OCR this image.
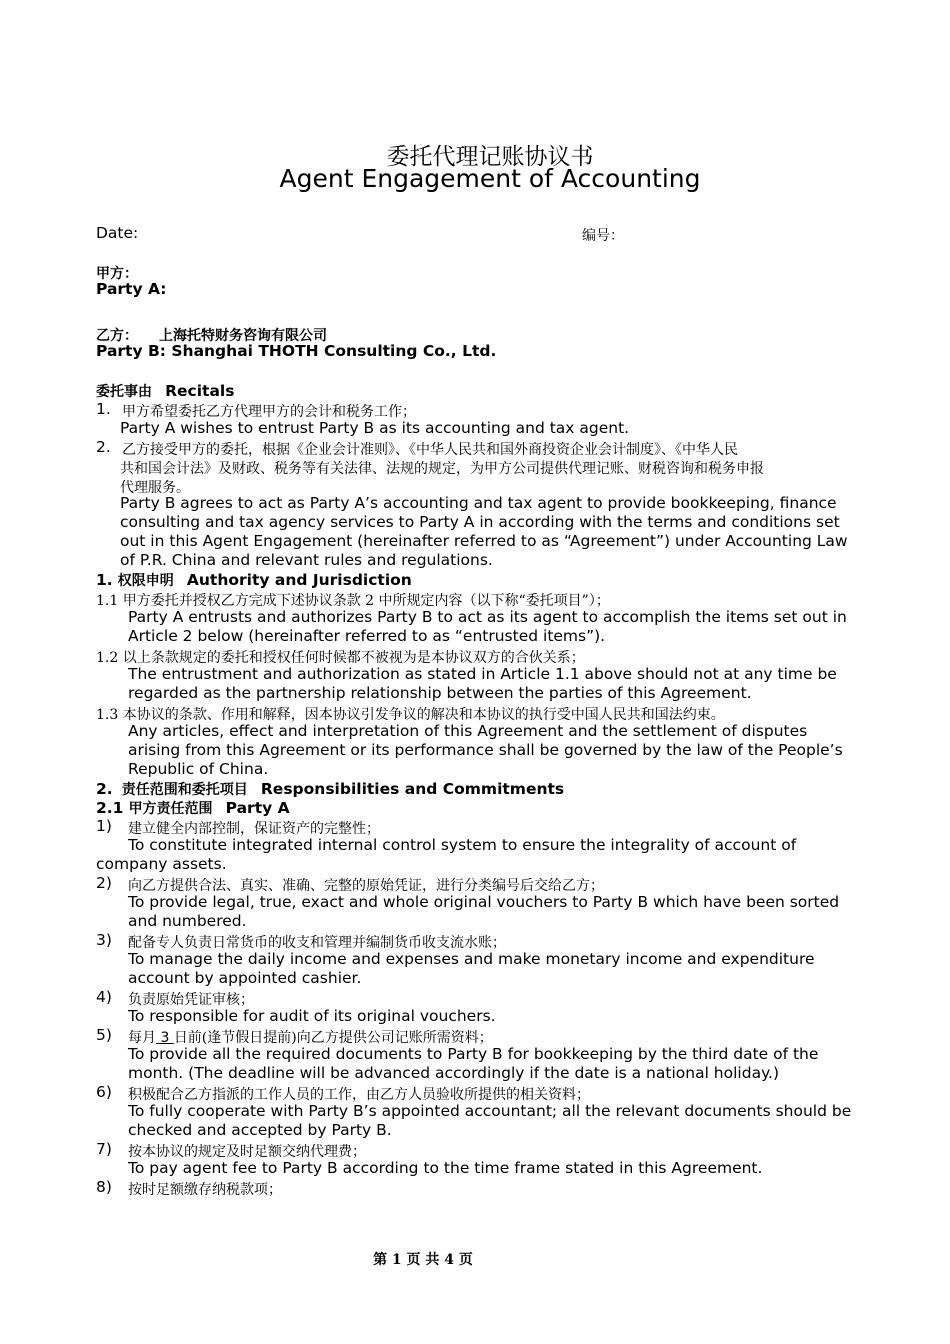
委托代理记账协议书
Agent Engagement of Accounting
Date:	编号：
甲方：
Party A:
乙方：　　上海托特财务咨询有限公司
Party B: Shanghai THOTH Consulting Co., Ltd.
委托事由 Recitals
1. 甲方希望委托乙方代理甲方的会计和税务工作；
Party A wishes to entrust Party B as its accounting and tax agent.
2. 乙方接受甲方的委托，根据《企业会计准则》、《中华人民共和国外商投资企业会计制度》、《中华人民
共和国会计法》及财政、税务等有关法律、法规的规定，为甲方公司提供代理记账、财税咨询和税务申报
代理服务。
Party B agrees to act as Party A’s accounting and tax agent to provide bookkeeping, finance
consulting and tax agency services to Party A in according with the terms and conditions set
out in this Agent Engagement (hereinafter referred to as “Agreement”) under Accounting Law
of P.R. China and relevant rules and regulations.
1. 权限申明 Authority and Jurisdiction
1.1 甲方委托并授权乙方完成下述协议条款 2 中所规定内容（以下称“委托项目”）；
Party A entrusts and authorizes Party B to act as its agent to accomplish the items set out in
Article 2 below (hereinafter referred to as “entrusted items”).
1.2 以上条款规定的委托和授权任何时候都不被视为是本协议双方的合伙关系；
The entrustment and authorization as stated in Article 1.1 above should not at any time be
regarded as the partnership relationship between the parties of this Agreement.
1.3 本协议的条款、作用和解释，因本协议引发争议的解决和本协议的执行受中国人民共和国法约束。
Any articles, effect and interpretation of this Agreement and the settlement of disputes
arising from this Agreement or its performance shall be governed by the law of the People’s
Republic of China.
2. 责任范围和委托项目 Responsibilities and Commitments
2.1 甲方责任范围 Party A
1) 建立健全内部控制，保证资产的完整性；
To constitute integrated internal control system to ensure the integrality of account of
company assets.
2) 向乙方提供合法、真实、准确、完整的原始凭证，进行分类编号后交给乙方；
To provide legal, true, exact and whole original vouchers to Party B which have been sorted
and numbered.
3) 配备专人负责日常货币的收支和管理并编制货币收支流水账；
To manage the daily income and expenses and make monetary income and expenditure
account by appointed cashier.
4) 负责原始凭证审核；
To responsible for audit of its original vouchers.
5) 每月 3 日前(逢节假日提前)向乙方提供公司记账所需资料；
To provide all the required documents to Party B for bookkeeping by the third date of the
month. (The deadline will be advanced accordingly if the date is a national holiday.)
6) 积极配合乙方指派的工作人员的工作，由乙方人员验收所提供的相关资料；
To fully cooperate with Party B’s appointed accountant; all the relevant documents should be
checked and accepted by Party B.
7) 按本协议的规定及时足额交纳代理费；
To pay agent fee to Party B according to the time frame stated in this Agreement.
8) 按时足额缴存纳税款项；
第 1 页 共 4 页
